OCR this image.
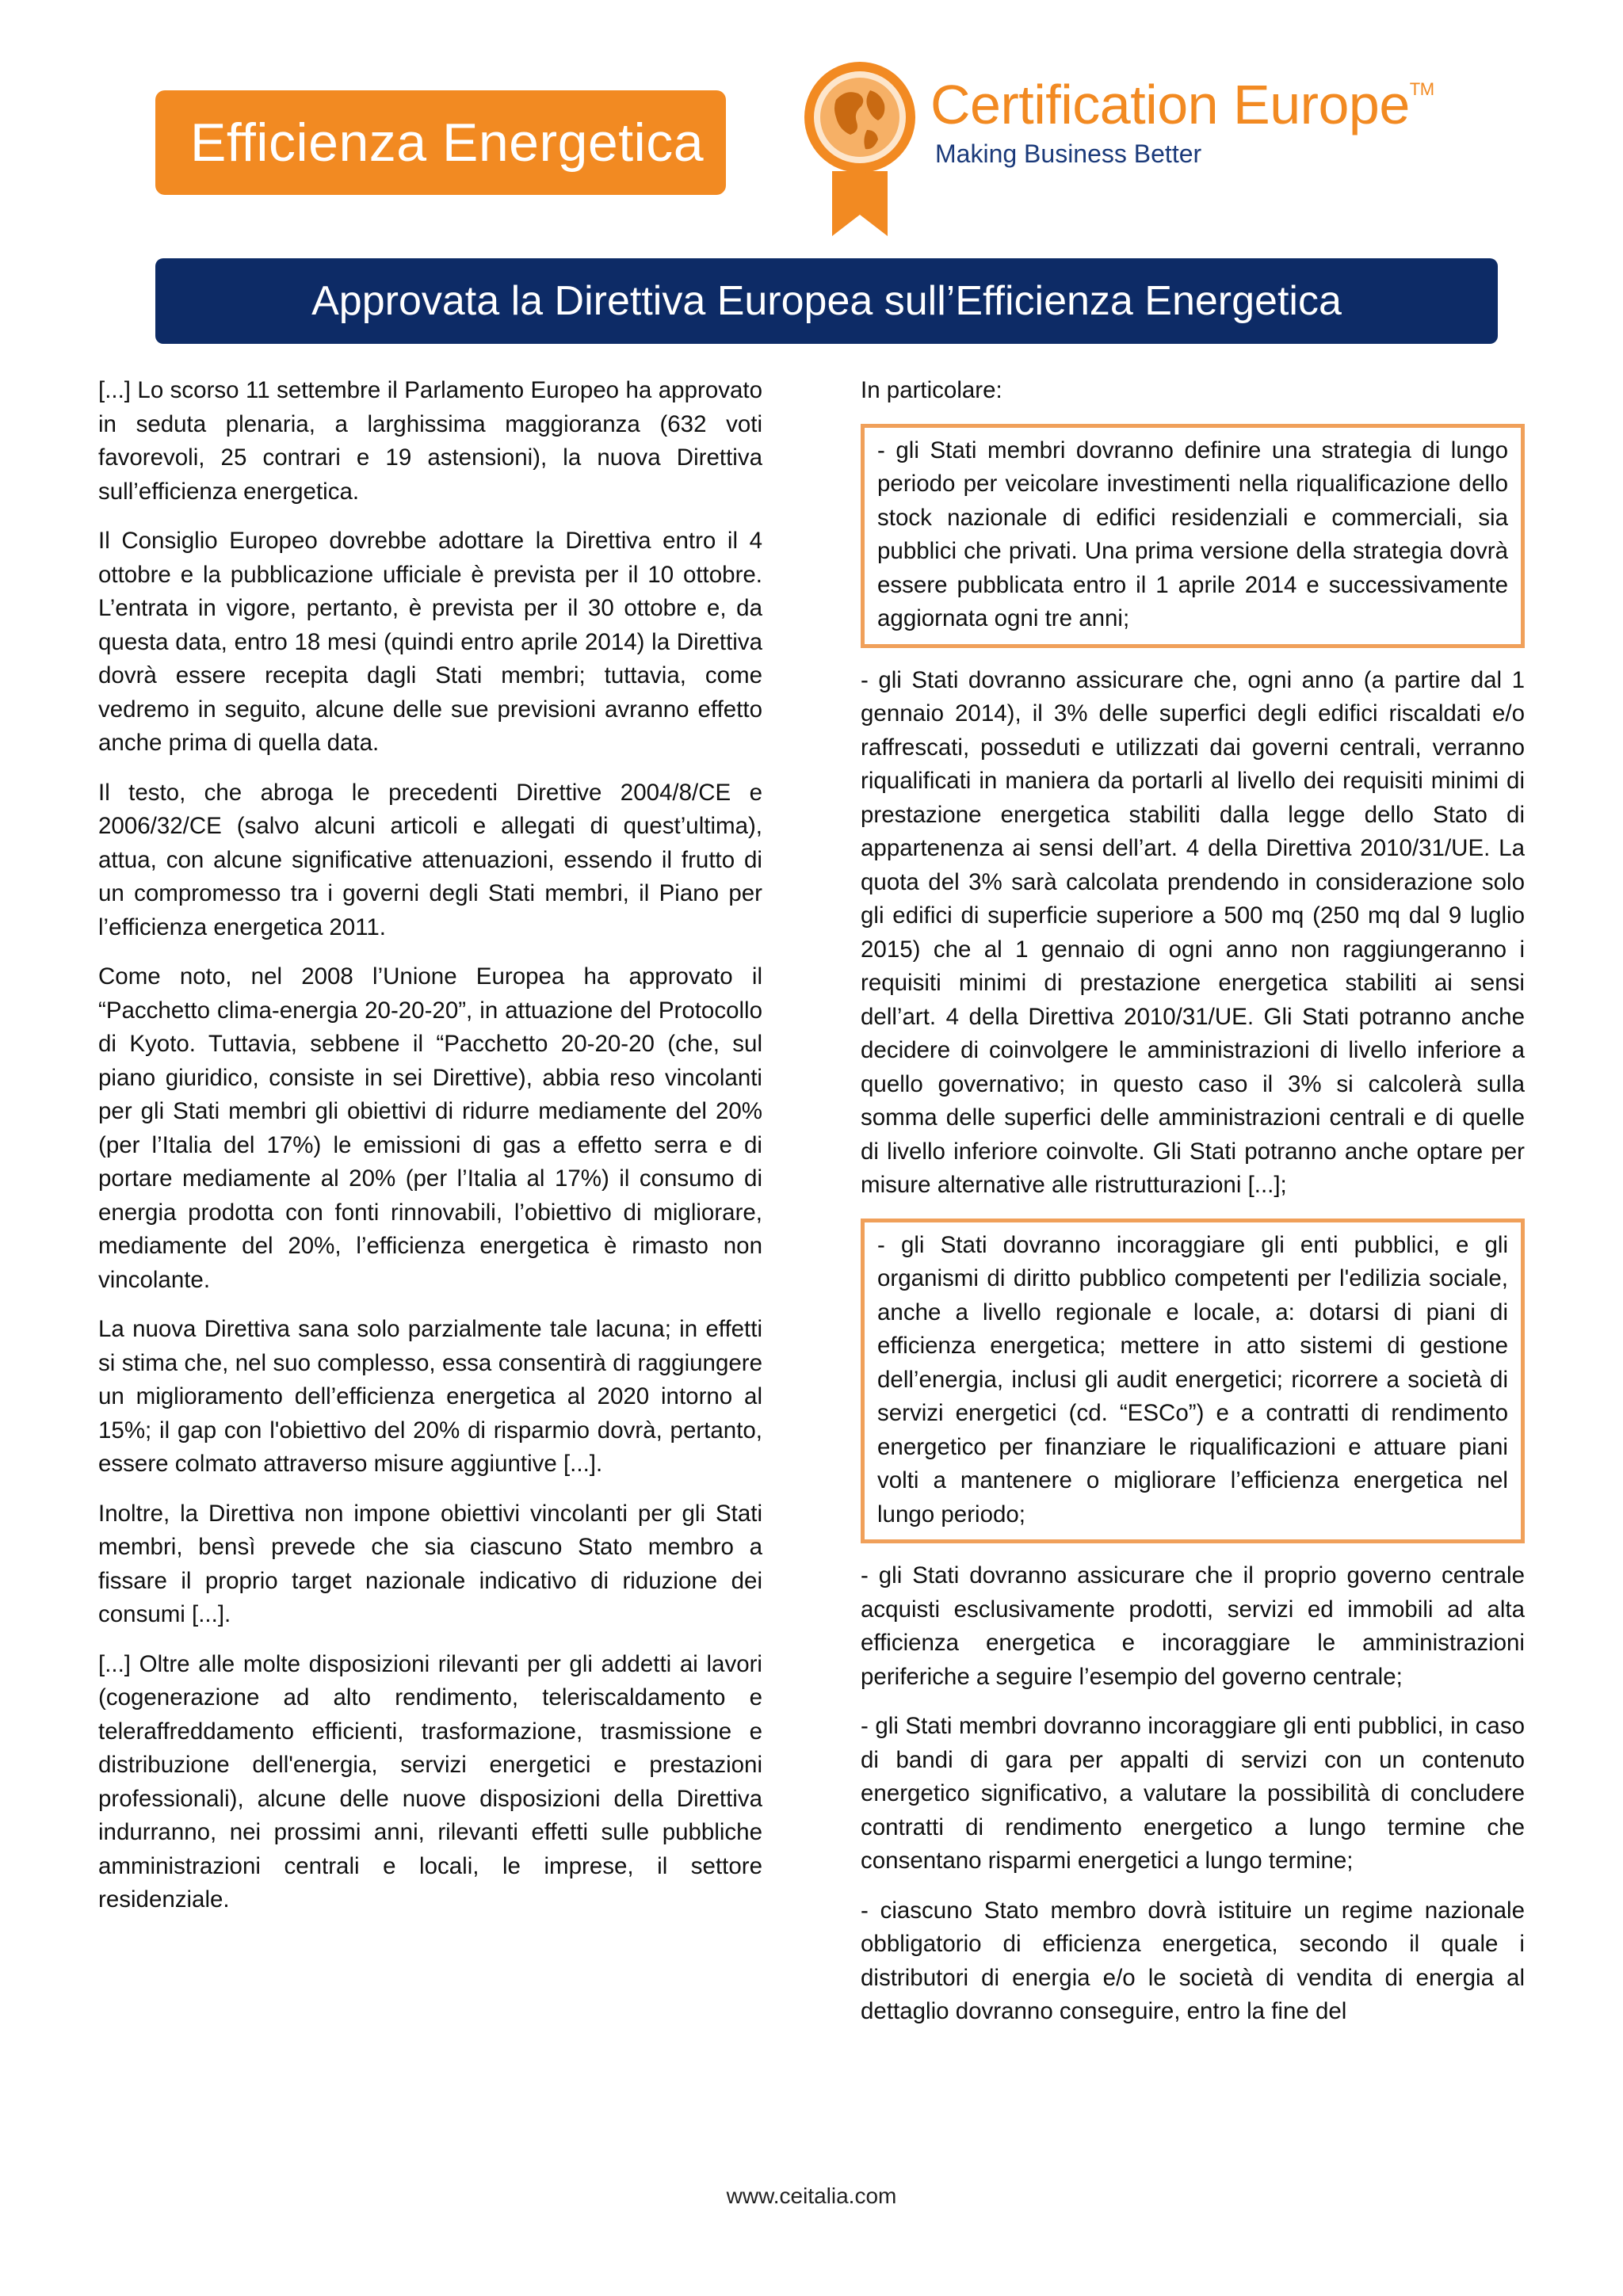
Efficienza Energetica
Certification Europe™
Making Business Better
Approvata la Direttiva Europea sull’Efficienza Energetica

[...] Lo scorso 11 settembre il Parlamento Europeo ha approvato in seduta plenaria, a larghissima maggioranza (632 voti favorevoli, 25 contrari e 19 astensioni), la nuova Direttiva sull’efficienza energetica.

Il Consiglio Europeo dovrebbe adottare la Direttiva entro il 4 ottobre e la pubblicazione ufficiale è prevista per il 10 ottobre. L’entrata in vigore, pertanto, è prevista per il 30 ottobre e, da questa data, entro 18 mesi (quindi entro aprile 2014) la Direttiva dovrà essere recepita dagli Stati membri; tuttavia, come vedremo in seguito, alcune delle sue previsioni avranno effetto anche prima di quella data.

Il testo, che abroga le precedenti Direttive 2004/8/CE e 2006/32/CE (salvo alcuni articoli e allegati di quest’ultima), attua, con alcune significative attenuazioni, essendo il frutto di un compromesso tra i governi degli Stati membri, il Piano per l’efficienza energetica 2011.

Come noto, nel 2008 l’Unione Europea ha approvato il “Pacchetto clima-energia 20-20-20”, in attuazione del Protocollo di Kyoto. Tuttavia, sebbene il “Pacchetto 20-20-20 (che, sul piano giuridico, consiste in sei Direttive), abbia reso vincolanti per gli Stati membri gli obiettivi di ridurre mediamente del 20% (per l’Italia del 17%) le emissioni di gas a effetto serra e di portare mediamente al 20% (per l’Italia al 17%) il consumo di energia prodotta con fonti rinnovabili, l’obiettivo di migliorare, mediamente del 20%, l’efficienza energetica è rimasto non vincolante.

La nuova Direttiva sana solo parzialmente tale lacuna; in effetti si stima che, nel suo complesso, essa consentirà di raggiungere un miglioramento dell’efficienza energetica al 2020 intorno al 15%; il gap con l'obiettivo del 20% di risparmio dovrà, pertanto, essere colmato attraverso misure aggiuntive [...].

Inoltre, la Direttiva non impone obiettivi vincolanti per gli Stati membri, bensì prevede che sia ciascuno Stato membro a fissare il proprio target nazionale indicativo di riduzione dei consumi [...].

[...] Oltre alle molte disposizioni rilevanti per gli addetti ai lavori (cogenerazione ad alto rendimento, teleriscaldamento e teleraffreddamento efficienti, trasformazione, trasmissione e distribuzione dell'energia, servizi energetici e prestazioni professionali), alcune delle nuove disposizioni della Direttiva indurranno, nei prossimi anni, rilevanti effetti sulle pubbliche amministrazioni centrali e locali, le imprese, il settore residenziale.

In particolare:

- gli Stati membri dovranno definire una strategia di lungo periodo per veicolare investimenti nella riqualificazione dello stock nazionale di edifici residenziali e commerciali, sia pubblici che privati. Una prima versione della strategia dovrà essere pubblicata entro il 1 aprile 2014 e successivamente aggiornata ogni tre anni;

- gli Stati dovranno assicurare che, ogni anno (a partire dal 1 gennaio 2014), il 3% delle superfici degli edifici riscaldati e/o raffrescati, posseduti e utilizzati dai governi centrali, verranno riqualificati in maniera da portarli al livello dei requisiti minimi di prestazione energetica stabiliti dalla legge dello Stato di appartenenza ai sensi dell’art. 4 della Direttiva 2010/31/UE. La quota del 3% sarà calcolata prendendo in considerazione solo gli edifici di superficie superiore a 500 mq (250 mq dal 9 luglio 2015) che al 1 gennaio di ogni anno non raggiungeranno i requisiti minimi di prestazione energetica stabiliti ai sensi dell’art. 4 della Direttiva 2010/31/UE. Gli Stati potranno anche decidere di coinvolgere le amministrazioni di livello inferiore a quello governativo; in questo caso il 3% si calcolerà sulla somma delle superfici delle amministrazioni centrali e di quelle di livello inferiore coinvolte. Gli Stati potranno anche optare per misure alternative alle ristrutturazioni [...];

- gli Stati dovranno incoraggiare gli enti pubblici, e gli organismi di diritto pubblico competenti per l'edilizia sociale, anche a livello regionale e locale, a: dotarsi di piani di efficienza energetica; mettere in atto sistemi di gestione dell’energia, inclusi gli audit energetici; ricorrere a società di servizi energetici (cd. “ESCo”) e a contratti di rendimento energetico per finanziare le riqualificazioni e attuare piani volti a mantenere o migliorare l’efficienza energetica nel lungo periodo;

- gli Stati dovranno assicurare che il proprio governo centrale acquisti esclusivamente prodotti, servizi ed immobili ad alta efficienza energetica e incoraggiare le amministrazioni periferiche a seguire l’esempio del governo centrale;

- gli Stati membri dovranno incoraggiare gli enti pubblici, in caso di bandi di gara per appalti di servizi con un contenuto energetico significativo, a valutare la possibilità di concludere contratti di rendimento energetico a lungo termine che consentano risparmi energetici a lungo termine;

- ciascuno Stato membro dovrà istituire un regime nazionale obbligatorio di efficienza energetica, secondo il quale i distributori di energia e/o le società di vendita di energia al dettaglio dovranno conseguire, entro la fine del

www.ceitalia.com
